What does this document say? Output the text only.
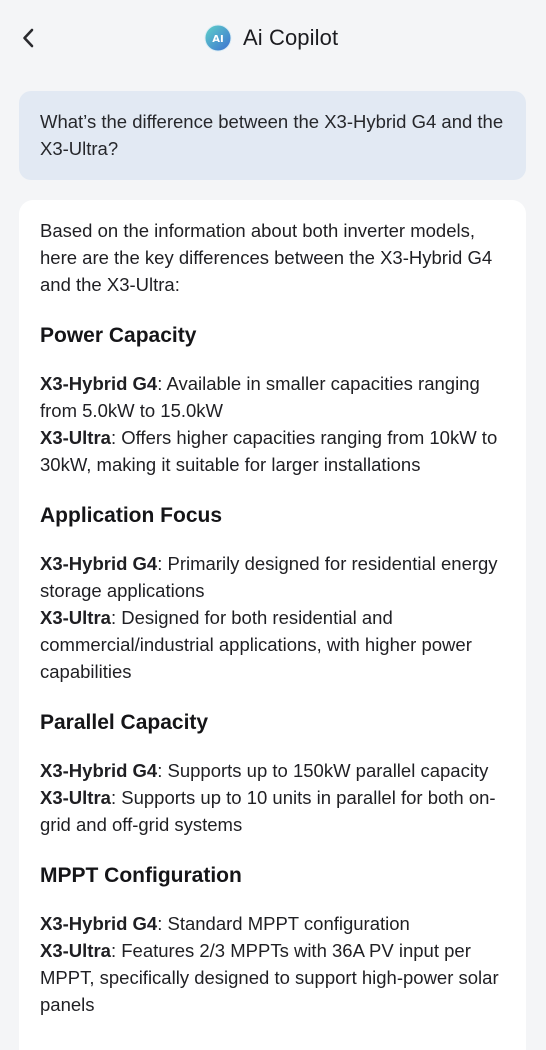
AI Ai Copilot
What’s the difference between the X3-Hybrid G4 and the X3-Ultra?

Based on the information about both inverter models, here are the key differences between the X3-Hybrid G4 and the X3-Ultra:

Power Capacity

X3-Hybrid G4: Available in smaller capacities ranging from 5.0kW to 15.0kW

X3-Ultra: Offers higher capacities ranging from 10kW to 30kW, making it suitable for larger installations

Application Focus

X3-Hybrid G4: Primarily designed for residential energy storage applications

X3-Ultra: Designed for both residential and commercial/industrial applications, with higher power capabilities

Parallel Capacity

X3-Hybrid G4: Supports up to 150kW parallel capacity

X3-Ultra: Supports up to 10 units in parallel for both on-grid and off-grid systems

MPPT Configuration

X3-Hybrid G4: Standard MPPT configuration

X3-Ultra: Features 2/3 MPPTs with 36A PV input per MPPT, specifically designed to support high-power solar panels
